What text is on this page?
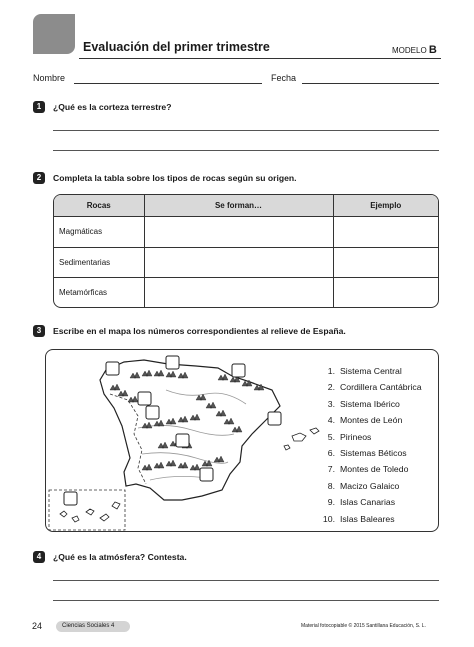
Evaluación del primer trimestre	MODELO B
Nombre	Fecha
1	¿Qué es la corteza terrestre?
2	Completa la tabla sobre los tipos de rocas según su origen.
Rocas	Se forman…	Ejemplo
Magmáticas		
Sedimentarias		
Metamórficas		
3	Escribe en el mapa los números correspondientes al relieve de España.
1. Sistema Central
2. Cordillera Cantábrica
3. Sistema Ibérico
4. Montes de León
5. Pirineos
6. Sistemas Béticos
7. Montes de Toledo
8. Macizo Galaico
9. Islas Canarias
10. Islas Baleares
4	¿Qué es la atmósfera? Contesta.
24	Ciencias Sociales 4	Material fotocopiable © 2015 Santillana Educación, S. L.
